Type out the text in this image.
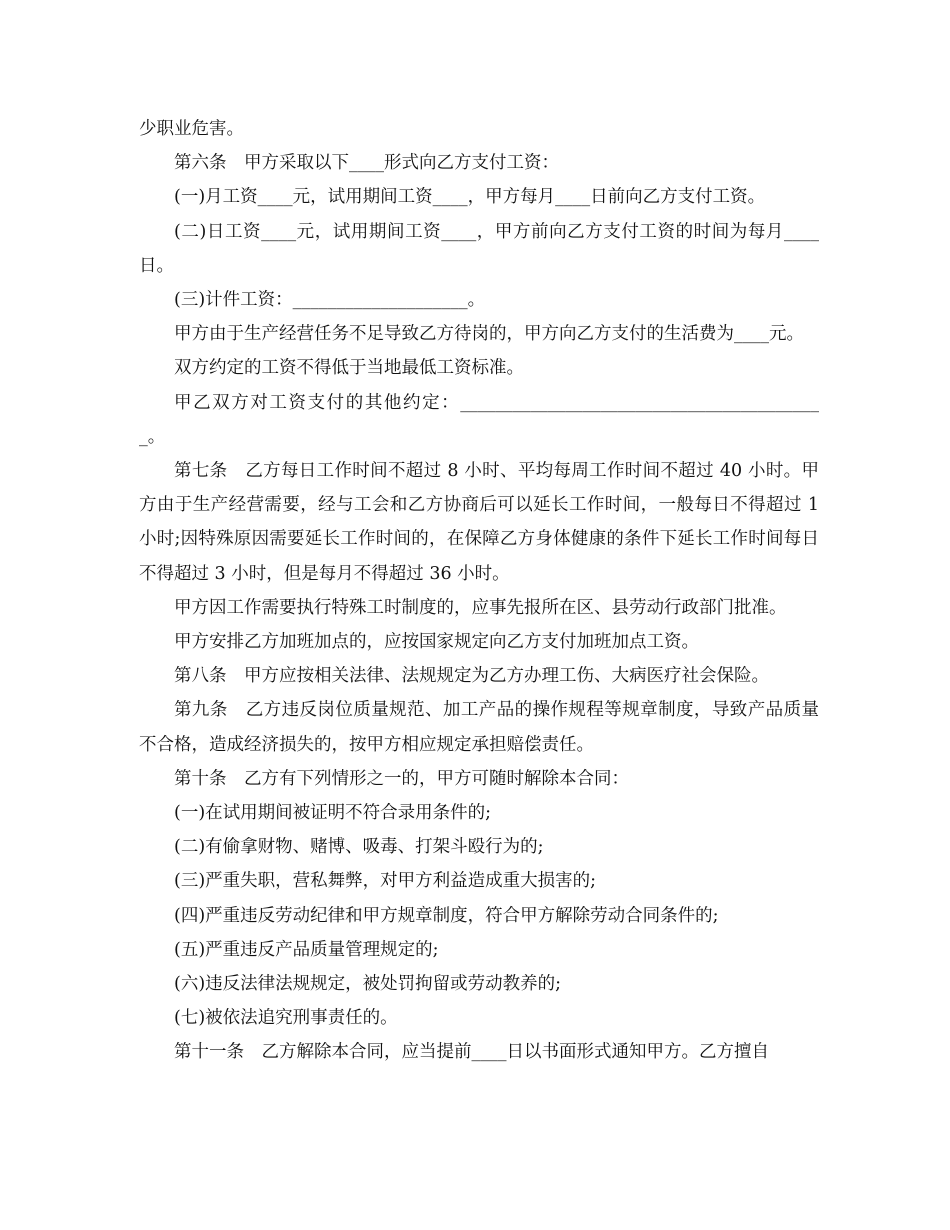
少职业危害。

第六条　甲方采取以下____形式向乙方支付工资：

(一)月工资____元，试用期间工资____，甲方每月____日前向乙方支付工资。

(二)日工资____元，试用期间工资____，甲方前向乙方支付工资的时间为每月____日。

(三)计件工资：____________________。

甲方由于生产经营任务不足导致乙方待岗的，甲方向乙方支付的生活费为____元。

双方约定的工资不得低于当地最低工资标准。

甲乙双方对工资支付的其他约定：__________________________________________。

第七条　乙方每日工作时间不超过 8 小时、平均每周工作时间不超过 40 小时。甲方由于生产经营需要，经与工会和乙方协商后可以延长工作时间，一般每日不得超过 1 小时;因特殊原因需要延长工作时间的，在保障乙方身体健康的条件下延长工作时间每日不得超过 3 小时，但是每月不得超过 36 小时。

甲方因工作需要执行特殊工时制度的，应事先报所在区、县劳动行政部门批准。

甲方安排乙方加班加点的，应按国家规定向乙方支付加班加点工资。

第八条　甲方应按相关法律、法规规定为乙方办理工伤、大病医疗社会保险。

第九条　乙方违反岗位质量规范、加工产品的操作规程等规章制度，导致产品质量不合格，造成经济损失的，按甲方相应规定承担赔偿责任。

第十条　乙方有下列情形之一的，甲方可随时解除本合同：

(一)在试用期间被证明不符合录用条件的;

(二)有偷拿财物、赌博、吸毒、打架斗殴行为的;

(三)严重失职，营私舞弊，对甲方利益造成重大损害的;

(四)严重违反劳动纪律和甲方规章制度，符合甲方解除劳动合同条件的;

(五)严重违反产品质量管理规定的;

(六)违反法律法规规定，被处罚拘留或劳动教养的;

(七)被依法追究刑事责任的。

第十一条　乙方解除本合同，应当提前____日以书面形式通知甲方。乙方擅自
